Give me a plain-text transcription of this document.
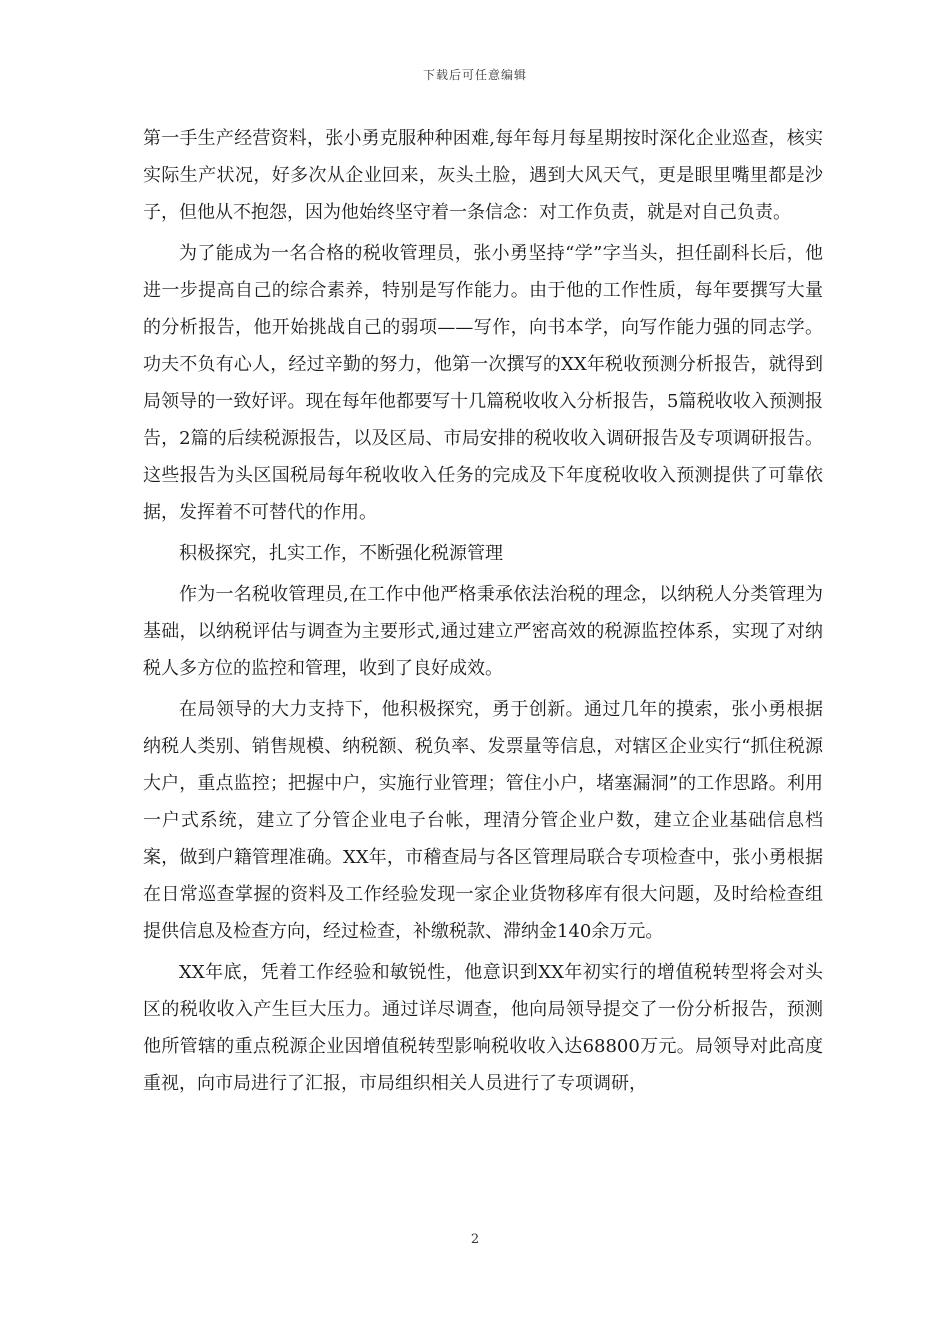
下载后可任意编辑

第一手生产经营资料，张小勇克服种种困难,每年每月每星期按时深化企业巡查，核实实际生产状况，好多次从企业回来，灰头土脸，遇到大风天气，更是眼里嘴里都是沙子，但他从不抱怨，因为他始终坚守着一条信念：对工作负责，就是对自己负责。

为了能成为一名合格的税收管理员，张小勇坚持“学”字当头，担任副科长后，他进一步提高自己的综合素养，特别是写作能力。由于他的工作性质，每年要撰写大量的分析报告，他开始挑战自己的弱项——写作，向书本学，向写作能力强的同志学。功夫不负有心人，经过辛勤的努力，他第一次撰写的XX年税收预测分析报告，就得到局领导的一致好评。现在每年他都要写十几篇税收收入分析报告，5篇税收收入预测报告，2篇的后续税源报告，以及区局、市局安排的税收收入调研报告及专项调研报告。这些报告为头区国税局每年税收收入任务的完成及下年度税收收入预测提供了可靠依据，发挥着不可替代的作用。

积极探究，扎实工作，不断强化税源管理

作为一名税收管理员,在工作中他严格秉承依法治税的理念，以纳税人分类管理为基础，以纳税评估与调查为主要形式,通过建立严密高效的税源监控体系，实现了对纳税人多方位的监控和管理，收到了良好成效。

在局领导的大力支持下，他积极探究，勇于创新。通过几年的摸索，张小勇根据纳税人类别、销售规模、纳税额、税负率、发票量等信息，对辖区企业实行“抓住税源大户，重点监控；把握中户，实施行业管理；管住小户，堵塞漏洞”的工作思路。利用一户式系统，建立了分管企业电子台帐，理清分管企业户数，建立企业基础信息档案，做到户籍管理准确。XX年，市稽查局与各区管理局联合专项检查中，张小勇根据在日常巡查掌握的资料及工作经验发现一家企业货物移库有很大问题，及时给检查组提供信息及检查方向，经过检查，补缴税款、滞纳金140余万元。

XX年底，凭着工作经验和敏锐性，他意识到XX年初实行的增值税转型将会对头区的税收收入产生巨大压力。通过详尽调查，他向局领导提交了一份分析报告，预测他所管辖的重点税源企业因增值税转型影响税收收入达68800万元。局领导对此高度重视，向市局进行了汇报，市局组织相关人员进行了专项调研，

2
